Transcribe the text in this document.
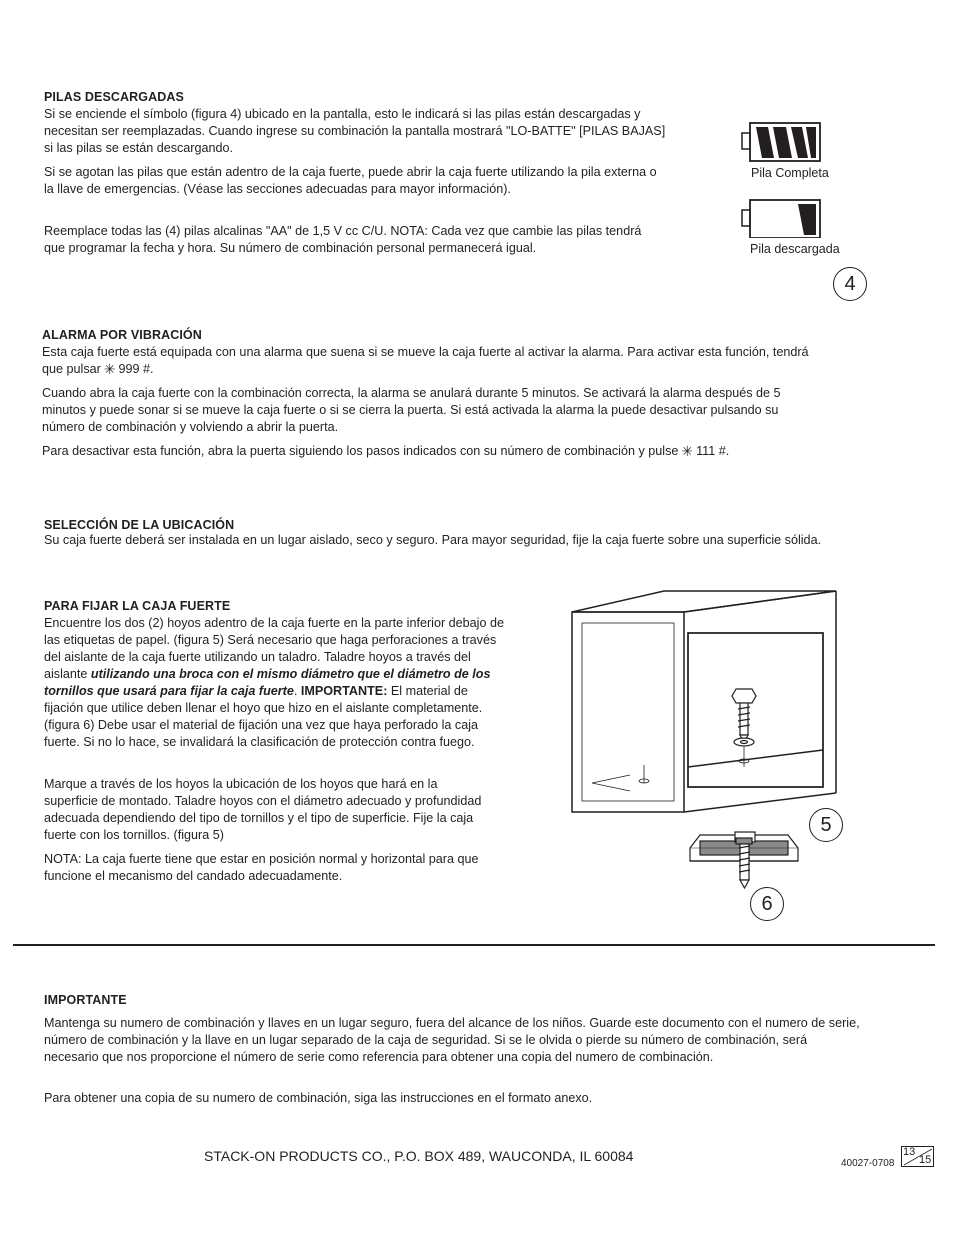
PILAS DESCARGADAS

Si se enciende el símbolo (figura 4) ubicado en la pantalla, esto le indicará si las pilas están descargadas y necesitan ser reemplazadas. Cuando ingrese su combinación la pantalla mostrará "LO-BATTE" [PILAS BAJAS] si las pilas se están descargando.

Si se agotan las pilas que están adentro de la caja fuerte, puede abrir la caja fuerte utilizando la pila externa o la llave de emergencias. (Véase las secciones adecuadas para mayor información).

Reemplace todas las (4) pilas alcalinas "AA" de 1,5 V cc C/U. NOTA: Cada vez que cambie las pilas tendrá que programar la fecha y hora. Su número de combinación personal permanecerá igual.

Pila Completa
Pila descargada
4
ALARMA POR VIBRACIÓN

Esta caja fuerte está equipada con una alarma que suena si se mueve la caja fuerte al activar la alarma. Para activar esta función, tendrá que pulsar ✳ 999 #.

Cuando abra la caja fuerte con la combinación correcta, la alarma se anulará durante 5 minutos. Se activará la alarma después de 5 minutos y puede sonar si se mueve la caja fuerte o si se cierra la puerta. Si está activada la alarma la puede desactivar pulsando su número de combinación y volviendo a abrir la puerta.

Para desactivar esta función, abra la puerta siguiendo los pasos indicados con su número de combinación y pulse ✳ 111 #.

SELECCIÓN DE LA UBICACIÓN

Su caja fuerte deberá ser instalada en un lugar aislado, seco y seguro. Para mayor seguridad, fije la caja fuerte sobre una superficie sólida.

PARA FIJAR LA CAJA FUERTE

Encuentre los dos (2) hoyos adentro de la caja fuerte en la parte inferior debajo de las etiquetas de papel. (figura 5) Será necesario que haga perforaciones a través del aislante de la caja fuerte utilizando un taladro. Taladre hoyos a través del aislante utilizando una broca con el mismo diámetro que el diámetro de los tornillos que usará para fijar la caja fuerte. IMPORTANTE: El material de fijación que utilice deben llenar el hoyo que hizo en el aislante completamente. (figura 6) Debe usar el material de fijación una vez que haya perforado la caja fuerte. Si no lo hace, se invalidará la clasificación de protección contra fuego.

Marque a través de los hoyos la ubicación de los hoyos que hará en la superficie de montado. Taladre hoyos con el diámetro adecuado y profundidad adecuada dependiendo del tipo de tornillos y el tipo de superficie. Fije la caja fuerte con los tornillos. (figura 5)

NOTA: La caja fuerte tiene que estar en posición normal y horizontal para que funcione el mecanismo del candado adecuadamente.

5
6
IMPORTANTE

Mantenga su numero de combinación y llaves en un lugar seguro, fuera del alcance de los niños. Guarde este documento con el numero de serie, número de combinación y la llave en un lugar separado de la caja de seguridad. Si se le olvida o pierde su número de combinación, será necesario que nos proporcione el número de serie como referencia para obtener una copia del numero de combinación.

Para obtener una copia de su numero de combinación, siga las instrucciones en el formato anexo.

STACK-ON PRODUCTS CO., P.O. BOX 489, WAUCONDA, IL 60084	40027-0708
13
15
